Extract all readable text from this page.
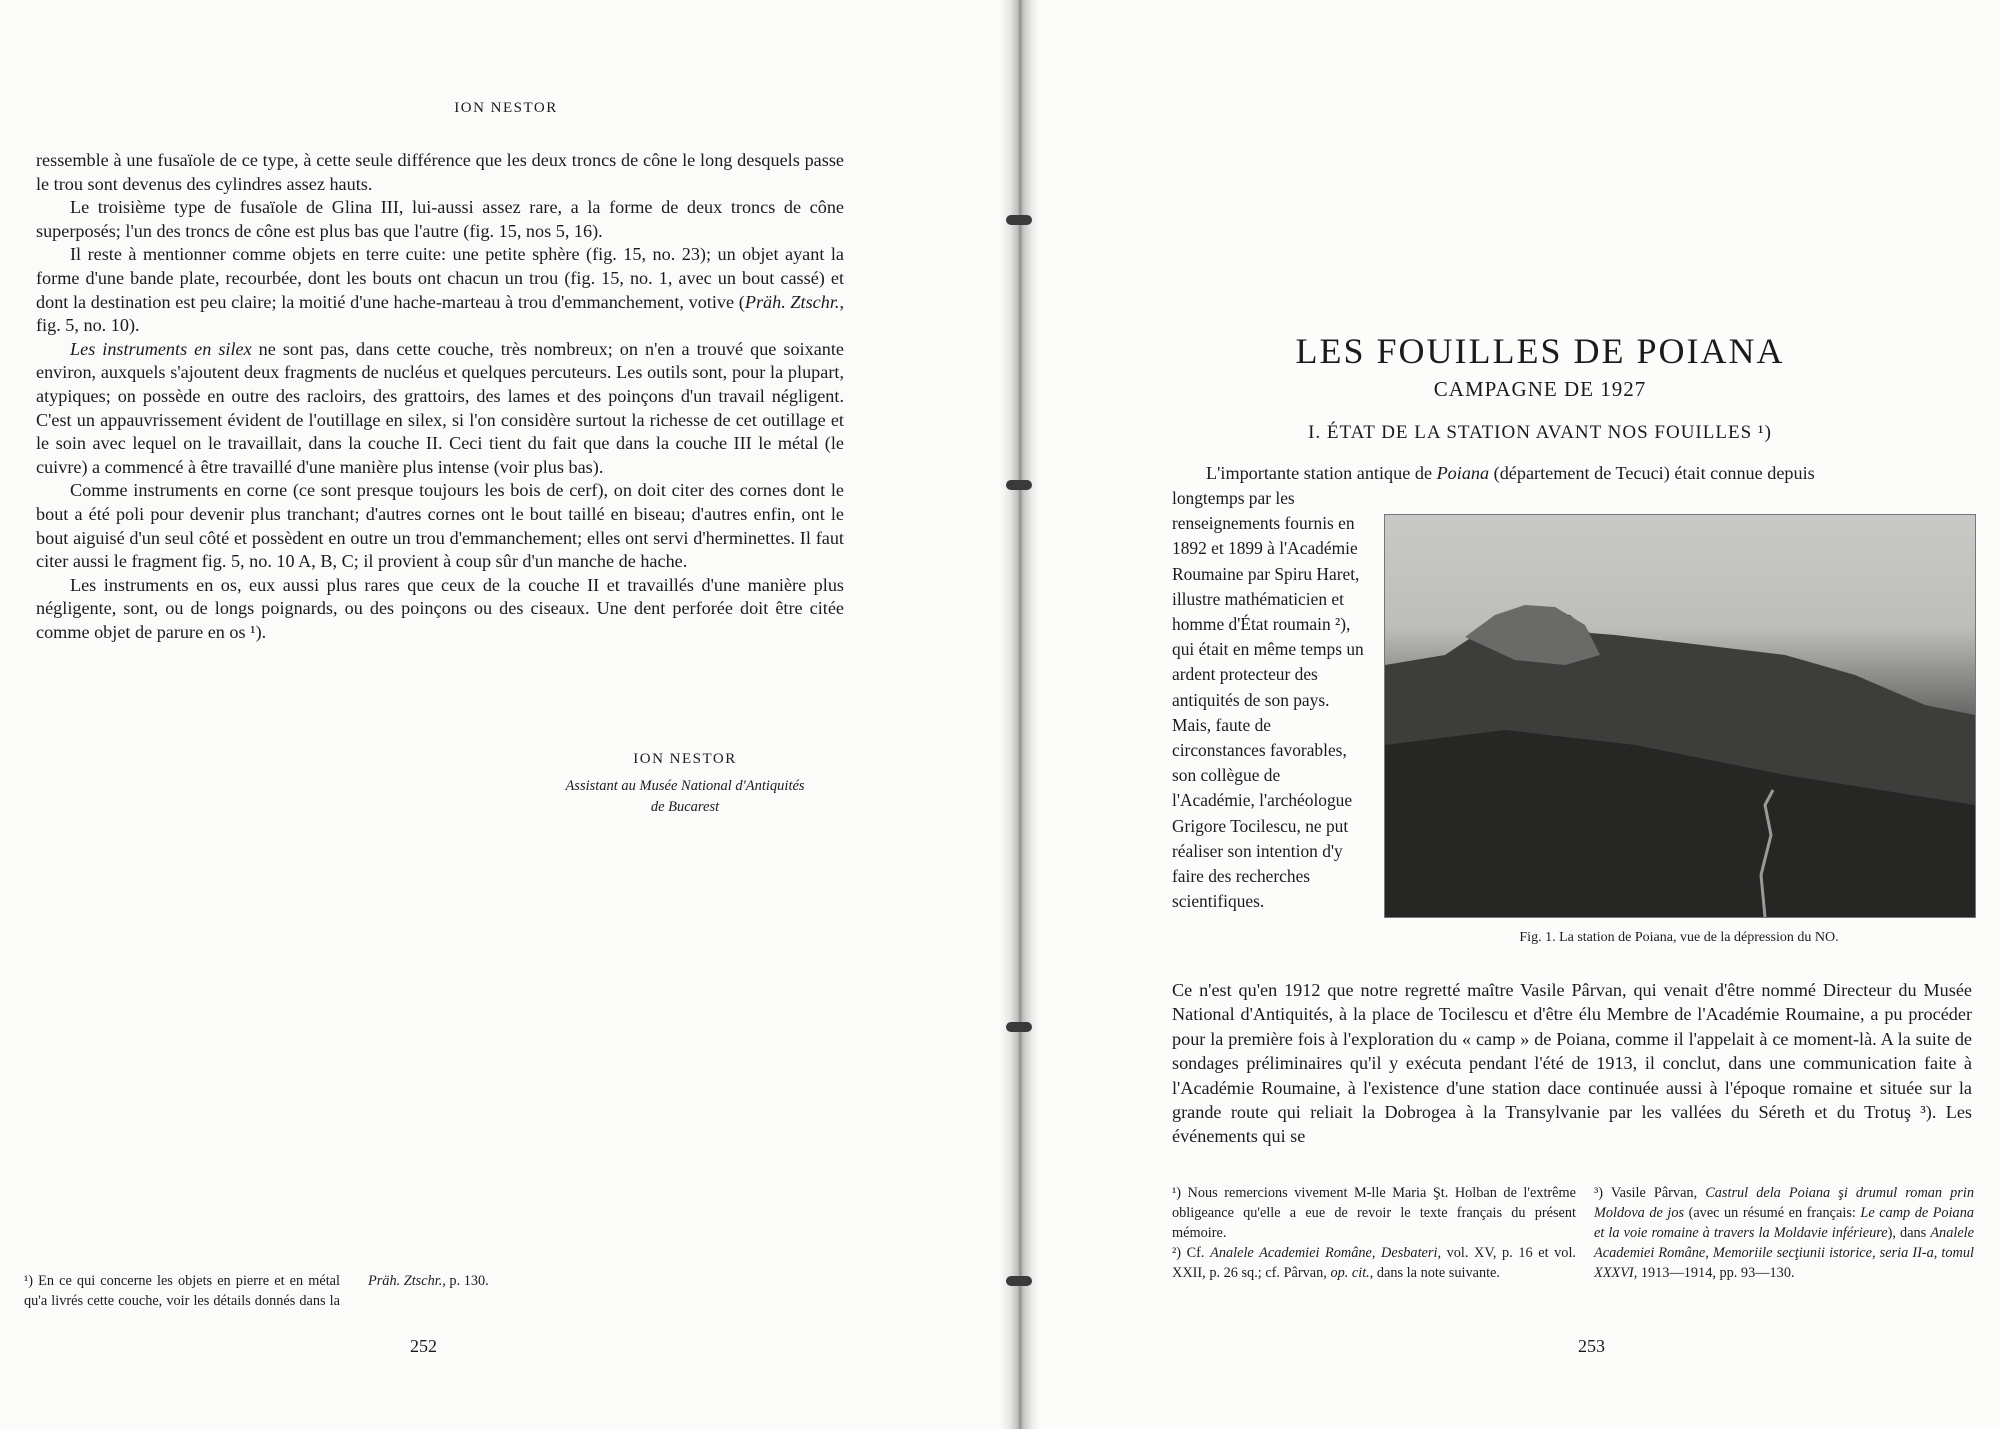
ION NESTOR

ressemble à une fusaïole de ce type, à cette seule différence que les deux troncs de cône le long desquels passe le trou sont devenus des cylindres assez hauts.

Le troisième type de fusaïole de Glina III, lui-aussi assez rare, a la forme de deux troncs de cône superposés; l'un des troncs de cône est plus bas que l'autre (fig. 15, nos 5, 16).

Il reste à mentionner comme objets en terre cuite: une petite sphère (fig. 15, no. 23); un objet ayant la forme d'une bande plate, recourbée, dont les bouts ont chacun un trou (fig. 15, no. 1, avec un bout cassé) et dont la destination est peu claire; la moitié d'une hache-marteau à trou d'emmanchement, votive (Präh. Ztschr., fig. 5, no. 10).

Les instruments en silex ne sont pas, dans cette couche, très nombreux; on n'en a trouvé que soixante environ, auxquels s'ajoutent deux fragments de nucléus et quelques percuteurs. Les outils sont, pour la plupart, atypiques; on possède en outre des racloirs, des grattoirs, des lames et des poinçons d'un travail négligent. C'est un appauvrissement évident de l'outillage en silex, si l'on considère surtout la richesse de cet outillage et le soin avec lequel on le travaillait, dans la couche II. Ceci tient du fait que dans la couche III le métal (le cuivre) a commencé à être travaillé d'une manière plus intense (voir plus bas).

Comme instruments en corne (ce sont presque toujours les bois de cerf), on doit citer des cornes dont le bout a été poli pour devenir plus tranchant; d'autres cornes ont le bout taillé en biseau; d'autres enfin, ont le bout aiguisé d'un seul côté et possèdent en outre un trou d'emmanchement; elles ont servi d'herminettes. Il faut citer aussi le fragment fig. 5, no. 10 A, B, C; il provient à coup sûr d'un manche de hache.

Les instruments en os, eux aussi plus rares que ceux de la couche II et travaillés d'une manière plus négligente, sont, ou de longs poignards, ou des poinçons ou des ciseaux. Une dent perforée doit être citée comme objet de parure en os ¹).

ION NESTOR
Assistant au Musée National d'Antiquités
de Bucarest
¹) En ce qui concerne les objets en pierre et en métal qu'a livrés cette couche, voir les détails donnés dans la Präh. Ztschr., p. 130.
252
LES FOUILLES DE POIANA
CAMPAGNE DE 1927
I. ÉTAT DE LA STATION AVANT NOS FOUILLES ¹)

L'importante station antique de Poiana (département de Tecuci) était connue depuis

longtemps par les renseignements fournis en 1892 et 1899 à l'Académie Roumaine par Spiru Haret, illustre mathématicien et homme d'État roumain ²), qui était en même temps un ardent protecteur des antiquités de son pays. Mais, faute de circonstances favorables, son collègue de l'Académie, l'archéologue Grigore Tocilescu, ne put réaliser son intention d'y faire des recherches scientifiques.
Fig. 1. La station de Poiana, vue de la dépression du NO.
Ce n'est qu'en 1912 que notre regretté maître Vasile Pârvan, qui venait d'être nommé Directeur du Musée National d'Antiquités, à la place de Tocilescu et d'être élu Membre de l'Académie Roumaine, a pu procéder pour la première fois à l'exploration du « camp » de Poiana, comme il l'appelait à ce moment-là. A la suite de sondages préliminaires qu'il y exécuta pendant l'été de 1913, il conclut, dans une communication faite à l'Académie Roumaine, à l'existence d'une station dace continuée aussi à l'époque romaine et située sur la grande route qui reliait la Dobrogea à la Transylvanie par les vallées du Séreth et du Trotuş ³). Les événements qui se
¹) Nous remercions vivement M-lle Maria Şt. Holban de l'extrême obligeance qu'elle a eue de revoir le texte français du présent mémoire.
²) Cf. Analele Academiei Române, Desbateri, vol. XV, p. 16 et vol. XXII, p. 26 sq.; cf. Pârvan, op. cit., dans la note suivante.
³) Vasile Pârvan, Castrul dela Poiana şi drumul roman prin Moldova de jos (avec un résumé en français: Le camp de Poiana et la voie romaine à travers la Moldavie inférieure), dans Analele Academiei Române, Memoriile secţiunii istorice, seria II-a, tomul XXXVI, 1913—1914, pp. 93—130.
253
